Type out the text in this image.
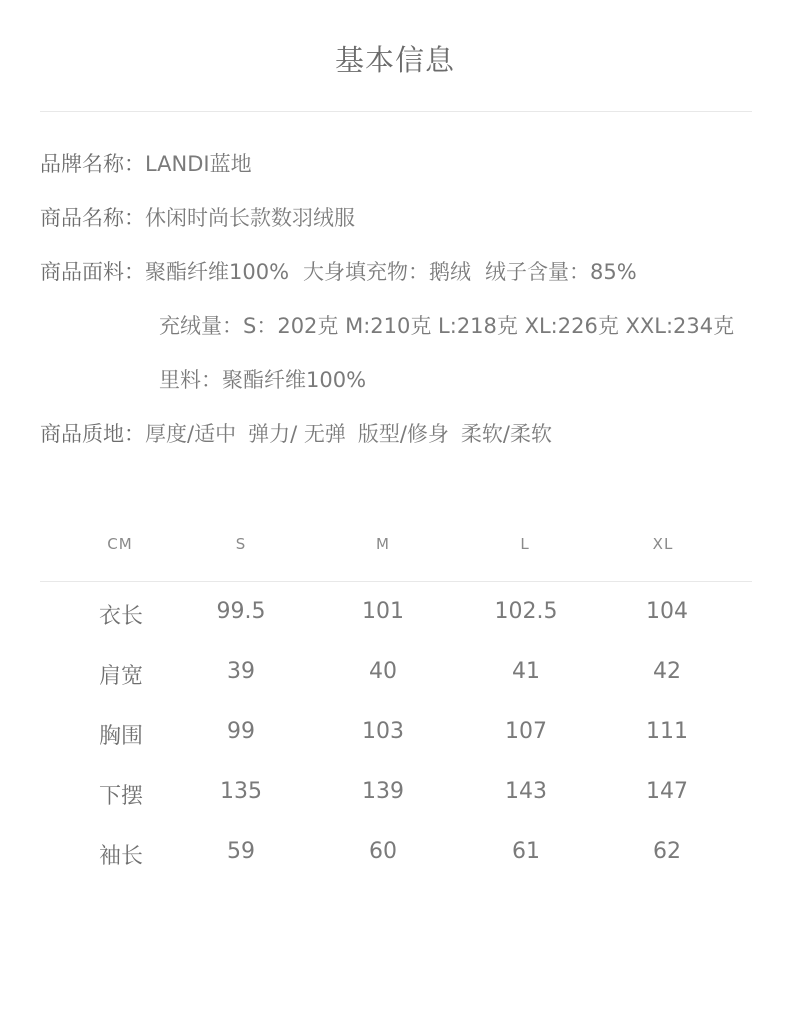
基本信息
品牌名称：LANDI蓝地
商品名称：休闲时尚长款数羽绒服
商品面料：聚酯纤维100% 大身填充物：鹅绒 绒子含量：85%
充绒量：S：202克 M:210克 L:218克 XL:226克 XXL:234克
里料：聚酯纤维100%
商品质地：厚度/适中 弹力/ 无弹 版型/修身 柔软/柔软
CM	S	M	L	XL
衣长	99.5	101	102.5	104
肩宽	39	40	41	42
胸围	99	103	107	111
下摆	135	139	143	147
袖长	59	60	61	62
